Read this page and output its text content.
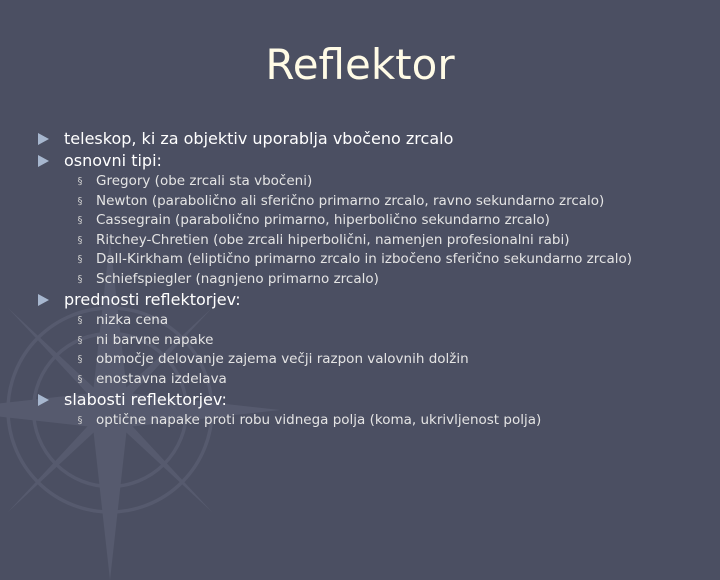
Reflektor
teleskop, ki za objektiv uporablja vbočeno zrcalo
osnovni tipi:
§ Gregory (obe zrcali sta vbočeni)
§ Newton (parabolično ali sferično primarno zrcalo, ravno sekundarno zrcalo)
§ Cassegrain (parabolično primarno, hiperbolično sekundarno zrcalo)
§ Ritchey-Chretien (obe zrcali hiperbolični, namenjen profesionalni rabi)
§ Dall-Kirkham (eliptično primarno zrcalo in izbočeno sferično sekundarno zrcalo)
§ Schiefspiegler (nagnjeno primarno zrcalo)
prednosti reflektorjev:
§ nizka cena
§ ni barvne napake
§ območje delovanje zajema večji razpon valovnih dolžin
§ enostavna izdelava
slabosti reflektorjev:
§ optične napake proti robu vidnega polja (koma, ukrivljenost polja)
